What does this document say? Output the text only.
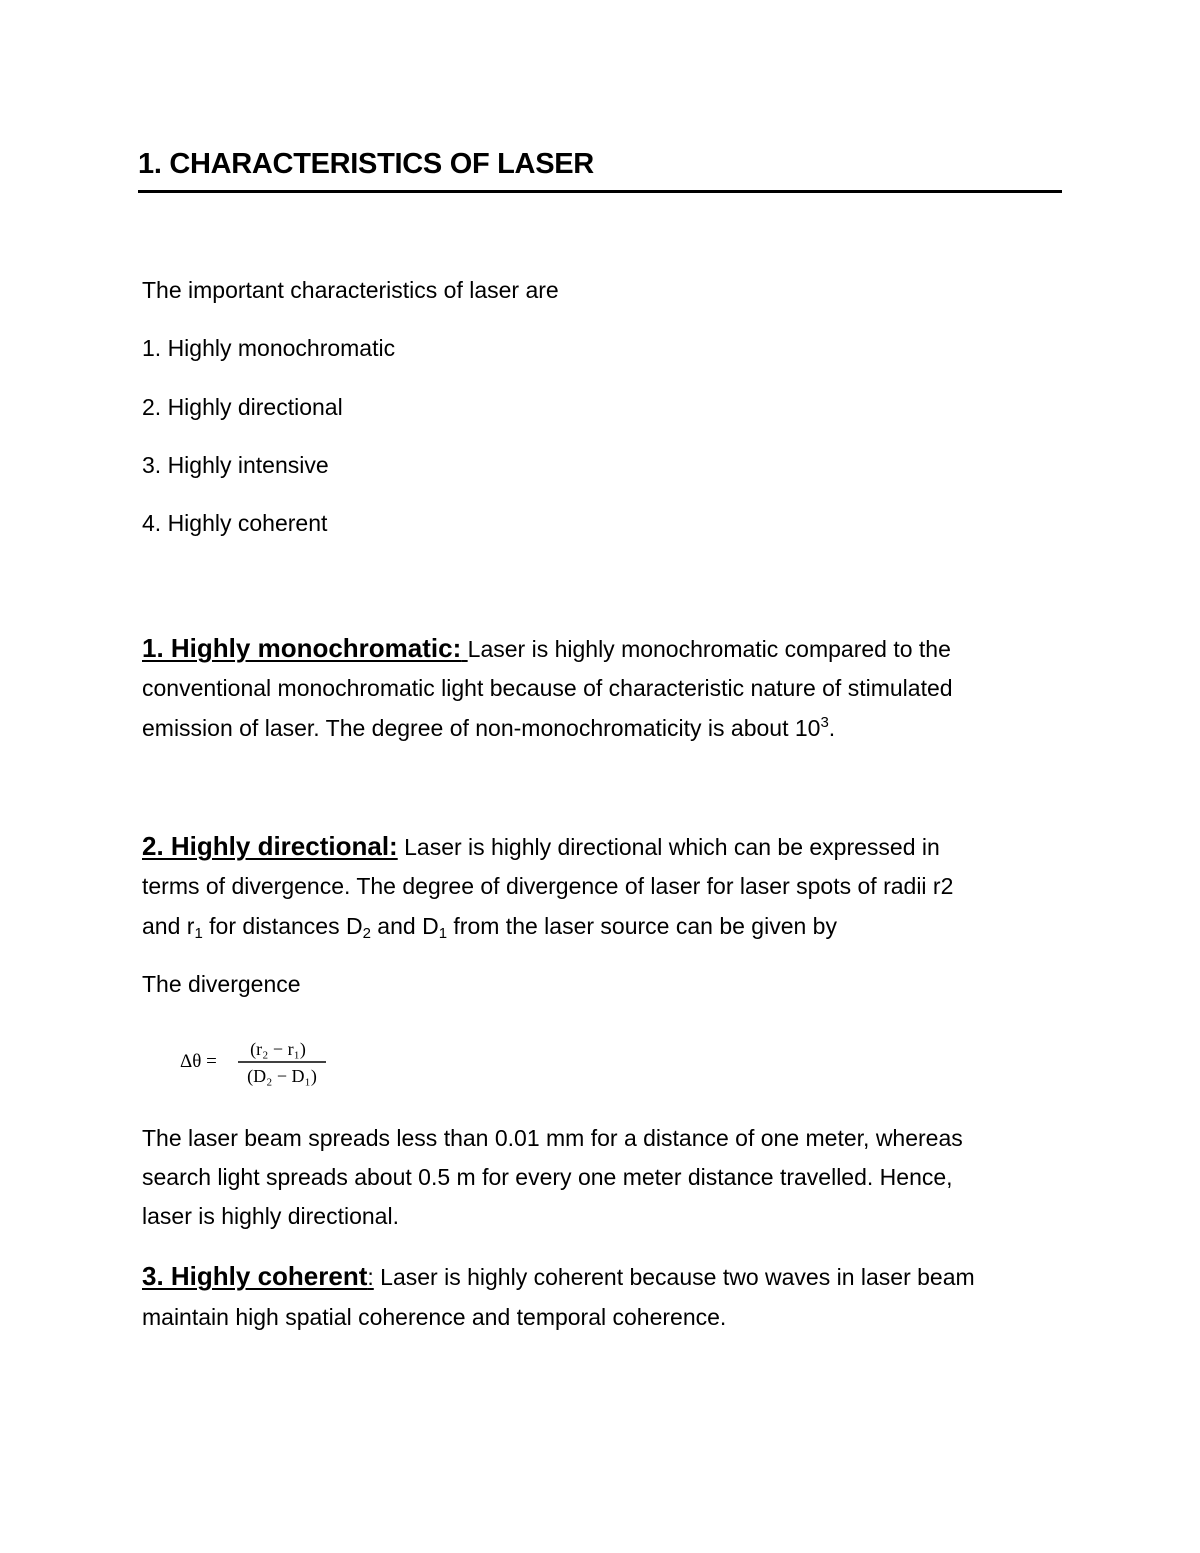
1. CHARACTERISTICS OF LASER

The important characteristics of laser are

1. Highly monochromatic

2. Highly directional

3. Highly intensive

4. Highly coherent

1. Highly monochromatic: Laser is highly monochromatic compared to the

conventional monochromatic light because of characteristic nature of stimulated

emission of laser. The degree of non-monochromaticity is about $10^3$.

2. Highly directional: Laser is highly directional which can be expressed in

terms of divergence. The degree of divergence of laser for laser spots of radii r2

and $r_1$ for distances $D_2$ and $D_1$ from the laser source can be given by

The divergence

Δθ =
(r₂ − r₁)
(D₂ − D₁)

The laser beam spreads less than 0.01 mm for a distance of one meter, whereas

search light spreads about 0.5 m for every one meter distance travelled. Hence,

laser is highly directional.

3. Highly coherent: Laser is highly coherent because two waves in laser beam

maintain high spatial coherence and temporal coherence.
